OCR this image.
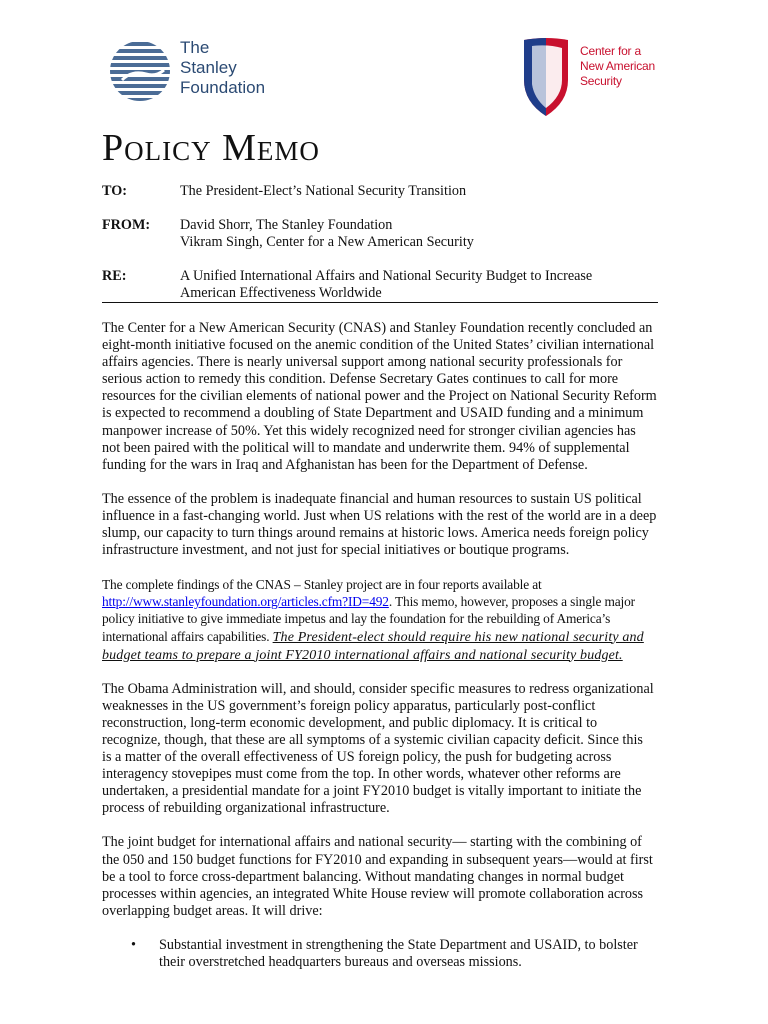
The
Stanley
Foundation
Center for a
New American
Security
Policy Memo
TO:	The President-Elect’s National Security Transition
FROM:	David Shorr, The Stanley Foundation
Vikram Singh, Center for a New American Security
RE:	A Unified International Affairs and National Security Budget to Increase
American Effectiveness Worldwide

The Center for a New American Security (CNAS) and Stanley Foundation recently concluded an
eight-month initiative focused on the anemic condition of the United States’ civilian international
affairs agencies. There is nearly universal support among national security professionals for
serious action to remedy this condition. Defense Secretary Gates continues to call for more
resources for the civilian elements of national power and the Project on National Security Reform
is expected to recommend a doubling of State Department and USAID funding and a minimum
manpower increase of 50%. Yet this widely recognized need for stronger civilian agencies has
not been paired with the political will to mandate and underwrite them. 94% of supplemental
funding for the wars in Iraq and Afghanistan has been for the Department of Defense.

The essence of the problem is inadequate financial and human resources to sustain US political
influence in a fast-changing world. Just when US relations with the rest of the world are in a deep
slump, our capacity to turn things around remains at historic lows. America needs foreign policy
infrastructure investment, and not just for special initiatives or boutique programs.

The complete findings of the CNAS – Stanley project are in four reports available at
http://www.stanleyfoundation.org/articles.cfm?ID=492. This memo, however, proposes a single major
policy initiative to give immediate impetus and lay the foundation for the rebuilding of America’s
international affairs capabilities. The President-elect should require his new national security and
budget teams to prepare a joint FY2010 international affairs and national security budget.

The Obama Administration will, and should, consider specific measures to redress organizational
weaknesses in the US government’s foreign policy apparatus, particularly post-conflict
reconstruction, long-term economic development, and public diplomacy. It is critical to
recognize, though, that these are all symptoms of a systemic civilian capacity deficit. Since this
is a matter of the overall effectiveness of US foreign policy, the push for budgeting across
interagency stovepipes must come from the top. In other words, whatever other reforms are
undertaken, a presidential mandate for a joint FY2010 budget is vitally important to initiate the
process of rebuilding organizational infrastructure.

The joint budget for international affairs and national security— starting with the combining of
the 050 and 150 budget functions for FY2010 and expanding in subsequent years—would at first
be a tool to force cross-department balancing. Without mandating changes in normal budget
processes within agencies, an integrated White House review will promote collaboration across
overlapping budget areas. It will drive:

• Substantial investment in strengthening the State Department and USAID, to bolster
their overstretched headquarters bureaus and overseas missions.
